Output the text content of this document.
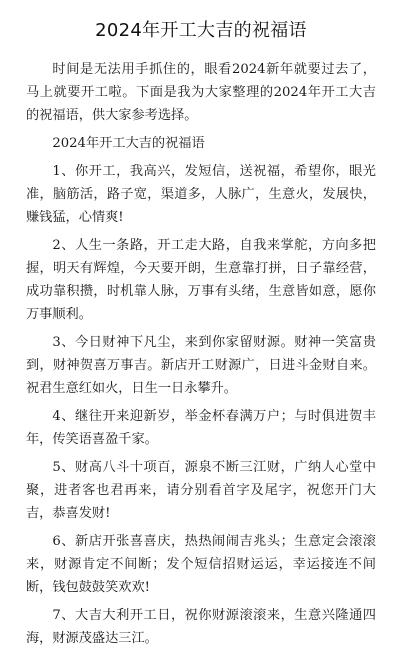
2024年开工大吉的祝福语

时间是无法用手抓住的，眼看2024新年就要过去了，马上就要开工啦。下面是我为大家整理的2024年开工大吉的祝福语，供大家参考选择。

2024年开工大吉的祝福语

1、你开工，我高兴，发短信，送祝福，希望你，眼光准，脑筋活，路子宽，渠道多，人脉广，生意火，发展快，赚钱猛，心情爽!

2、人生一条路，开工走大路，自我来掌舵，方向多把握，明天有辉煌，今天要开朗，生意靠打拼，日子靠经营，成功靠积攒，时机靠人脉，万事有头绪，生意皆如意，愿你万事顺利。

3、今日财神下凡尘，来到你家留财源。财神一笑富贵到，财神贺喜万事吉。新店开工财源广，日进斗金财自来。祝君生意红如火，日生一日永攀升。

4、继往开来迎新岁，举金杯春满万户；与时俱进贺丰年，传笑语喜盈千家。

5、财高八斗十项百，源泉不断三江财，广纳人心堂中聚，进者客也君再来，请分别看首字及尾字，祝您开门大吉，恭喜发财!

6、新店开张喜喜庆，热热闹闹吉兆头；生意定会滚滚来，财源肯定不间断；发个短信招财运运，幸运接连不间断，钱包鼓鼓笑欢欢!

7、大吉大利开工日，祝你财源滚滚来，生意兴隆通四海，财源茂盛达三江。
